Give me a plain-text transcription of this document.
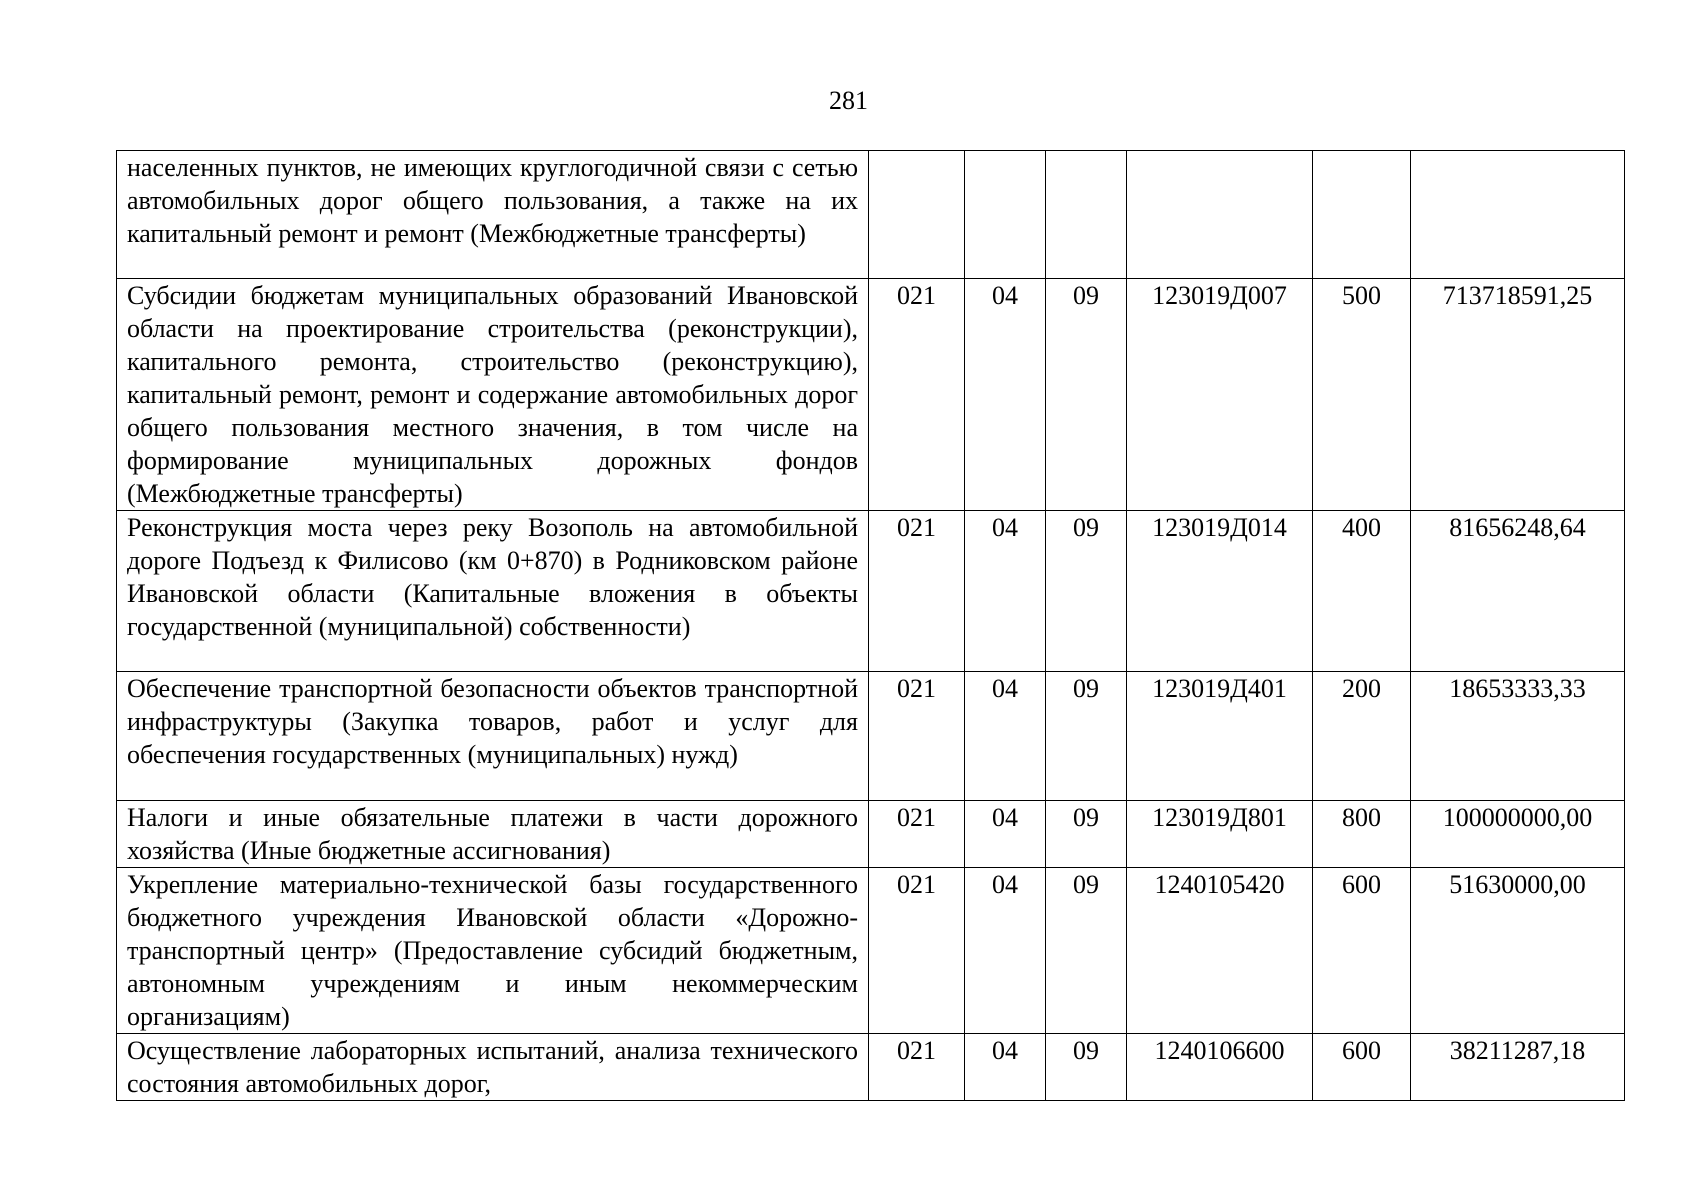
281
населенных пунктов, не имеющих круглогодичной связи с сетью автомобильных дорог общего пользования, а также на их капитальный ремонт и ремонт (Межбюджетные трансферты)						
Субсидии бюджетам муниципальных образований Ивановской области на проектирование строительства (реконструкции), капитального ремонта, строительство (реконструкцию), капитальный ремонт, ремонт и содержание автомобильных дорог общего пользования местного значения, в том числе на формирование муниципальных дорожных фондов (Межбюджетные трансферты)	021	04	09	123019Д007	500	713718591,25
Реконструкция моста через реку Возополь на автомобильной дороге Подъезд к Филисово (км 0+870) в Родниковском районе Ивановской области (Капитальные вложения в объекты государственной (муниципальной) собственности)	021	04	09	123019Д014	400	81656248,64
Обеспечение транспортной безопасности объектов транспортной инфраструктуры (Закупка товаров, работ и услуг для обеспечения государственных (муниципальных) нужд)	021	04	09	123019Д401	200	18653333,33
Налоги и иные обязательные платежи в части дорожного хозяйства (Иные бюджетные ассигнования)	021	04	09	123019Д801	800	100000000,00
Укрепление материально-технической базы государственного бюджетного учреждения Ивановской области «Дорожно-транспортный центр» (Предоставление субсидий бюджетным, автономным учреждениям и иным некоммерческим организациям)	021	04	09	1240105420	600	51630000,00
Осуществление лабораторных испытаний, анализа технического состояния автомобильных дорог,	021	04	09	1240106600	600	38211287,18
